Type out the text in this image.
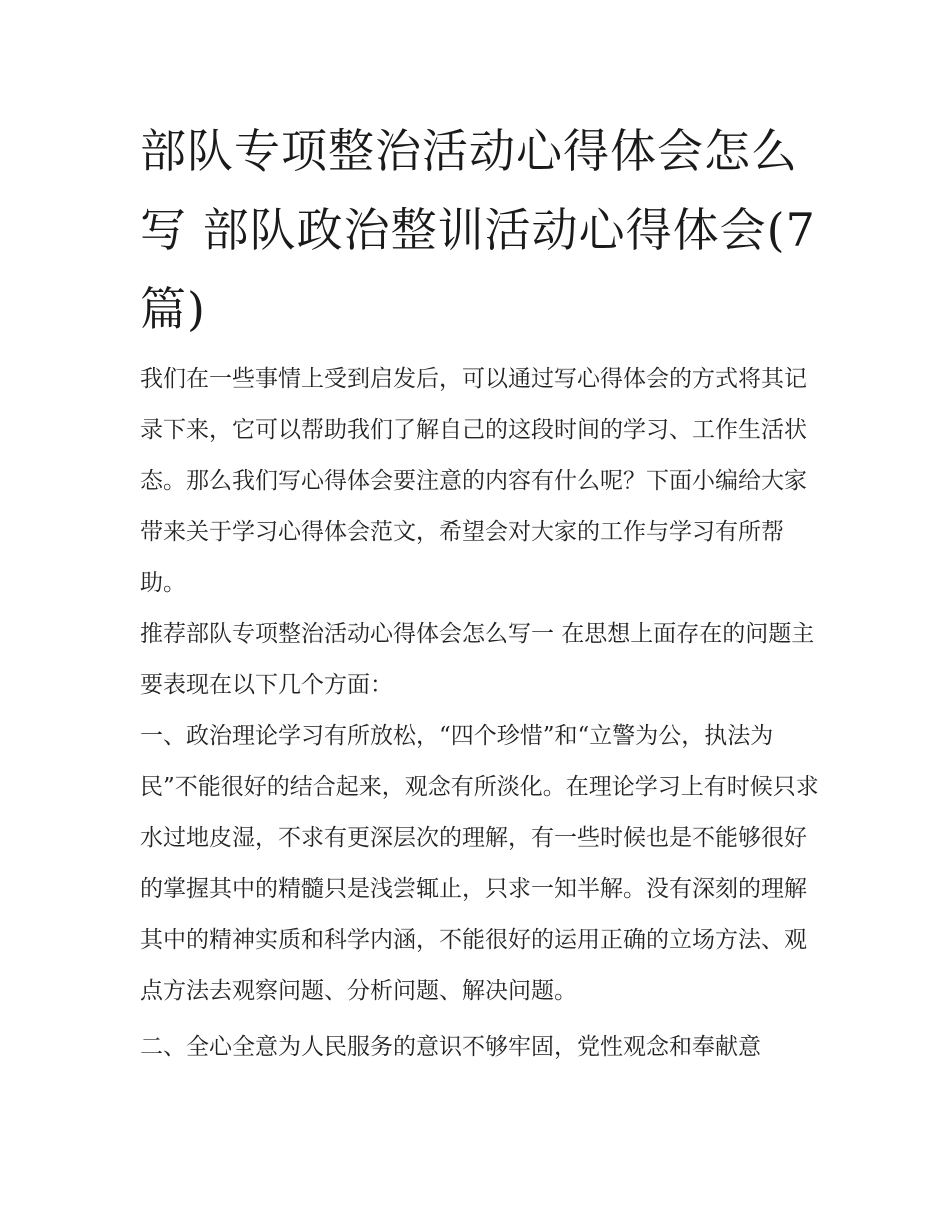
部队专项整治活动心得体会怎么写 部队政治整训活动心得体会(7篇)

我们在一些事情上受到启发后，可以通过写心得体会的方式将其记录下来，它可以帮助我们了解自己的这段时间的学习、工作生活状态。那么我们写心得体会要注意的内容有什么呢？下面小编给大家带来关于学习心得体会范文，希望会对大家的工作与学习有所帮助。

推荐部队专项整治活动心得体会怎么写一 在思想上面存在的问题主要表现在以下几个方面：

一、政治理论学习有所放松，“四个珍惜”和“立警为公，执法为民”不能很好的结合起来，观念有所淡化。在理论学习上有时候只求水过地皮湿，不求有更深层次的理解，有一些时候也是不能够很好的掌握其中的精髓只是浅尝辄止，只求一知半解。没有深刻的理解其中的精神实质和科学内涵，不能很好的运用正确的立场方法、观点方法去观察问题、分析问题、解决问题。

二、全心全意为人民服务的意识不够牢固，党性观念和奉献意
